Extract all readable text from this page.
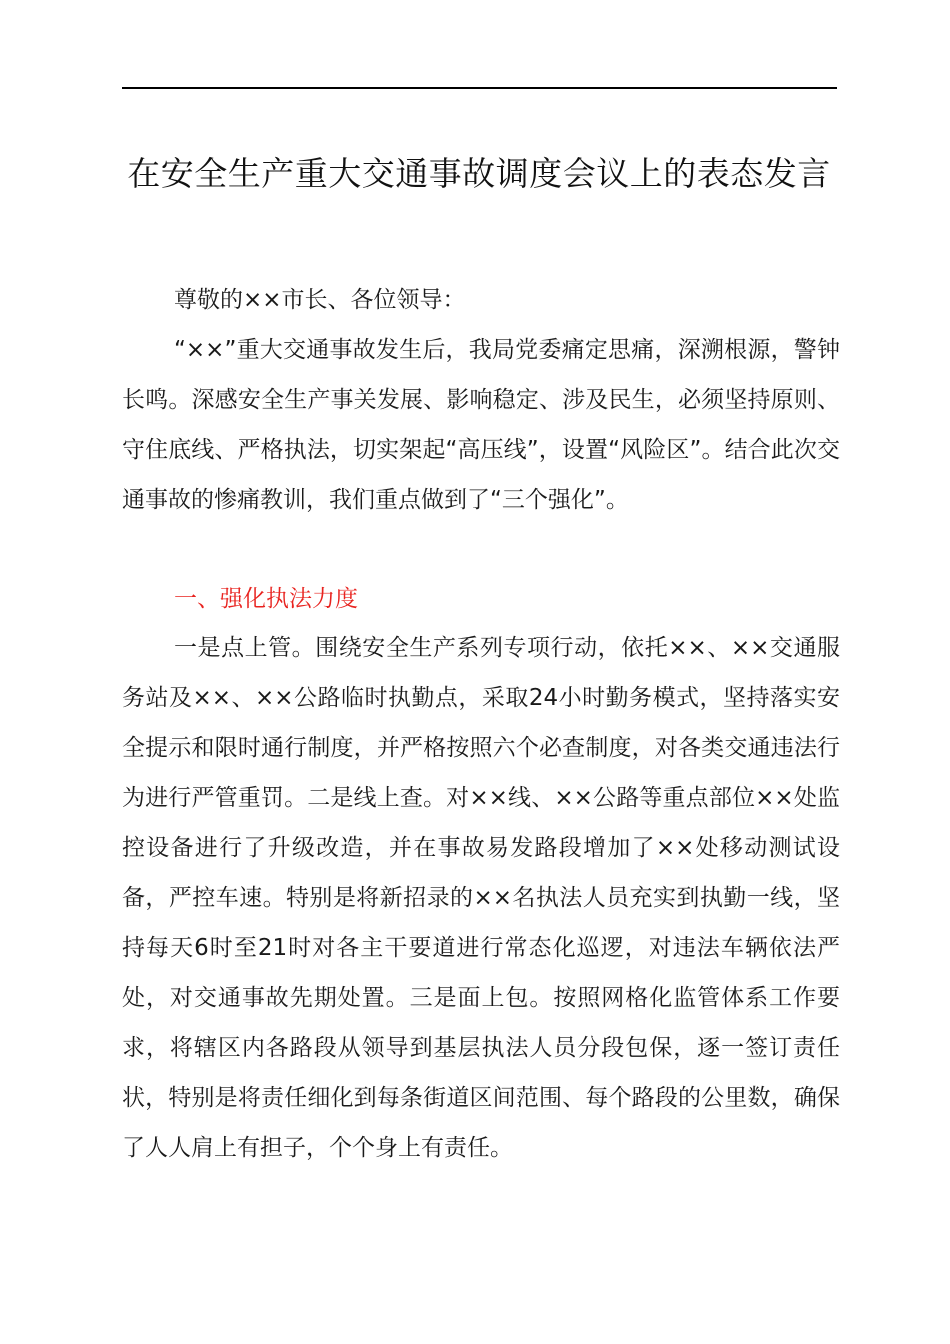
在安全生产重大交通事故调度会议上的表态发言

尊敬的××市长、各位领导：

“××”重大交通事故发生后，我局党委痛定思痛，深溯根源，警钟长鸣。深感安全生产事关发展、影响稳定、涉及民生，必须坚持原则、守住底线、严格执法，切实架起“高压线”，设置“风险区”。结合此次交通事故的惨痛教训，我们重点做到了“三个强化”。

一、强化执法力度

一是点上管。围绕安全生产系列专项行动，依托××、××交通服务站及××、××公路临时执勤点，采取24小时勤务模式，坚持落实安全提示和限时通行制度，并严格按照六个必查制度，对各类交通违法行为进行严管重罚。二是线上查。对××线、××公路等重点部位××处监控设备进行了升级改造，并在事故易发路段增加了××处移动测试设备，严控车速。特别是将新招录的××名执法人员充实到执勤一线，坚持每天6时至21时对各主干要道进行常态化巡逻，对违法车辆依法严处，对交通事故先期处置。三是面上包。按照网格化监管体系工作要求，将辖区内各路段从领导到基层执法人员分段包保，逐一签订责任状，特别是将责任细化到每条街道区间范围、每个路段的公里数，确保了人人肩上有担子，个个身上有责任。
